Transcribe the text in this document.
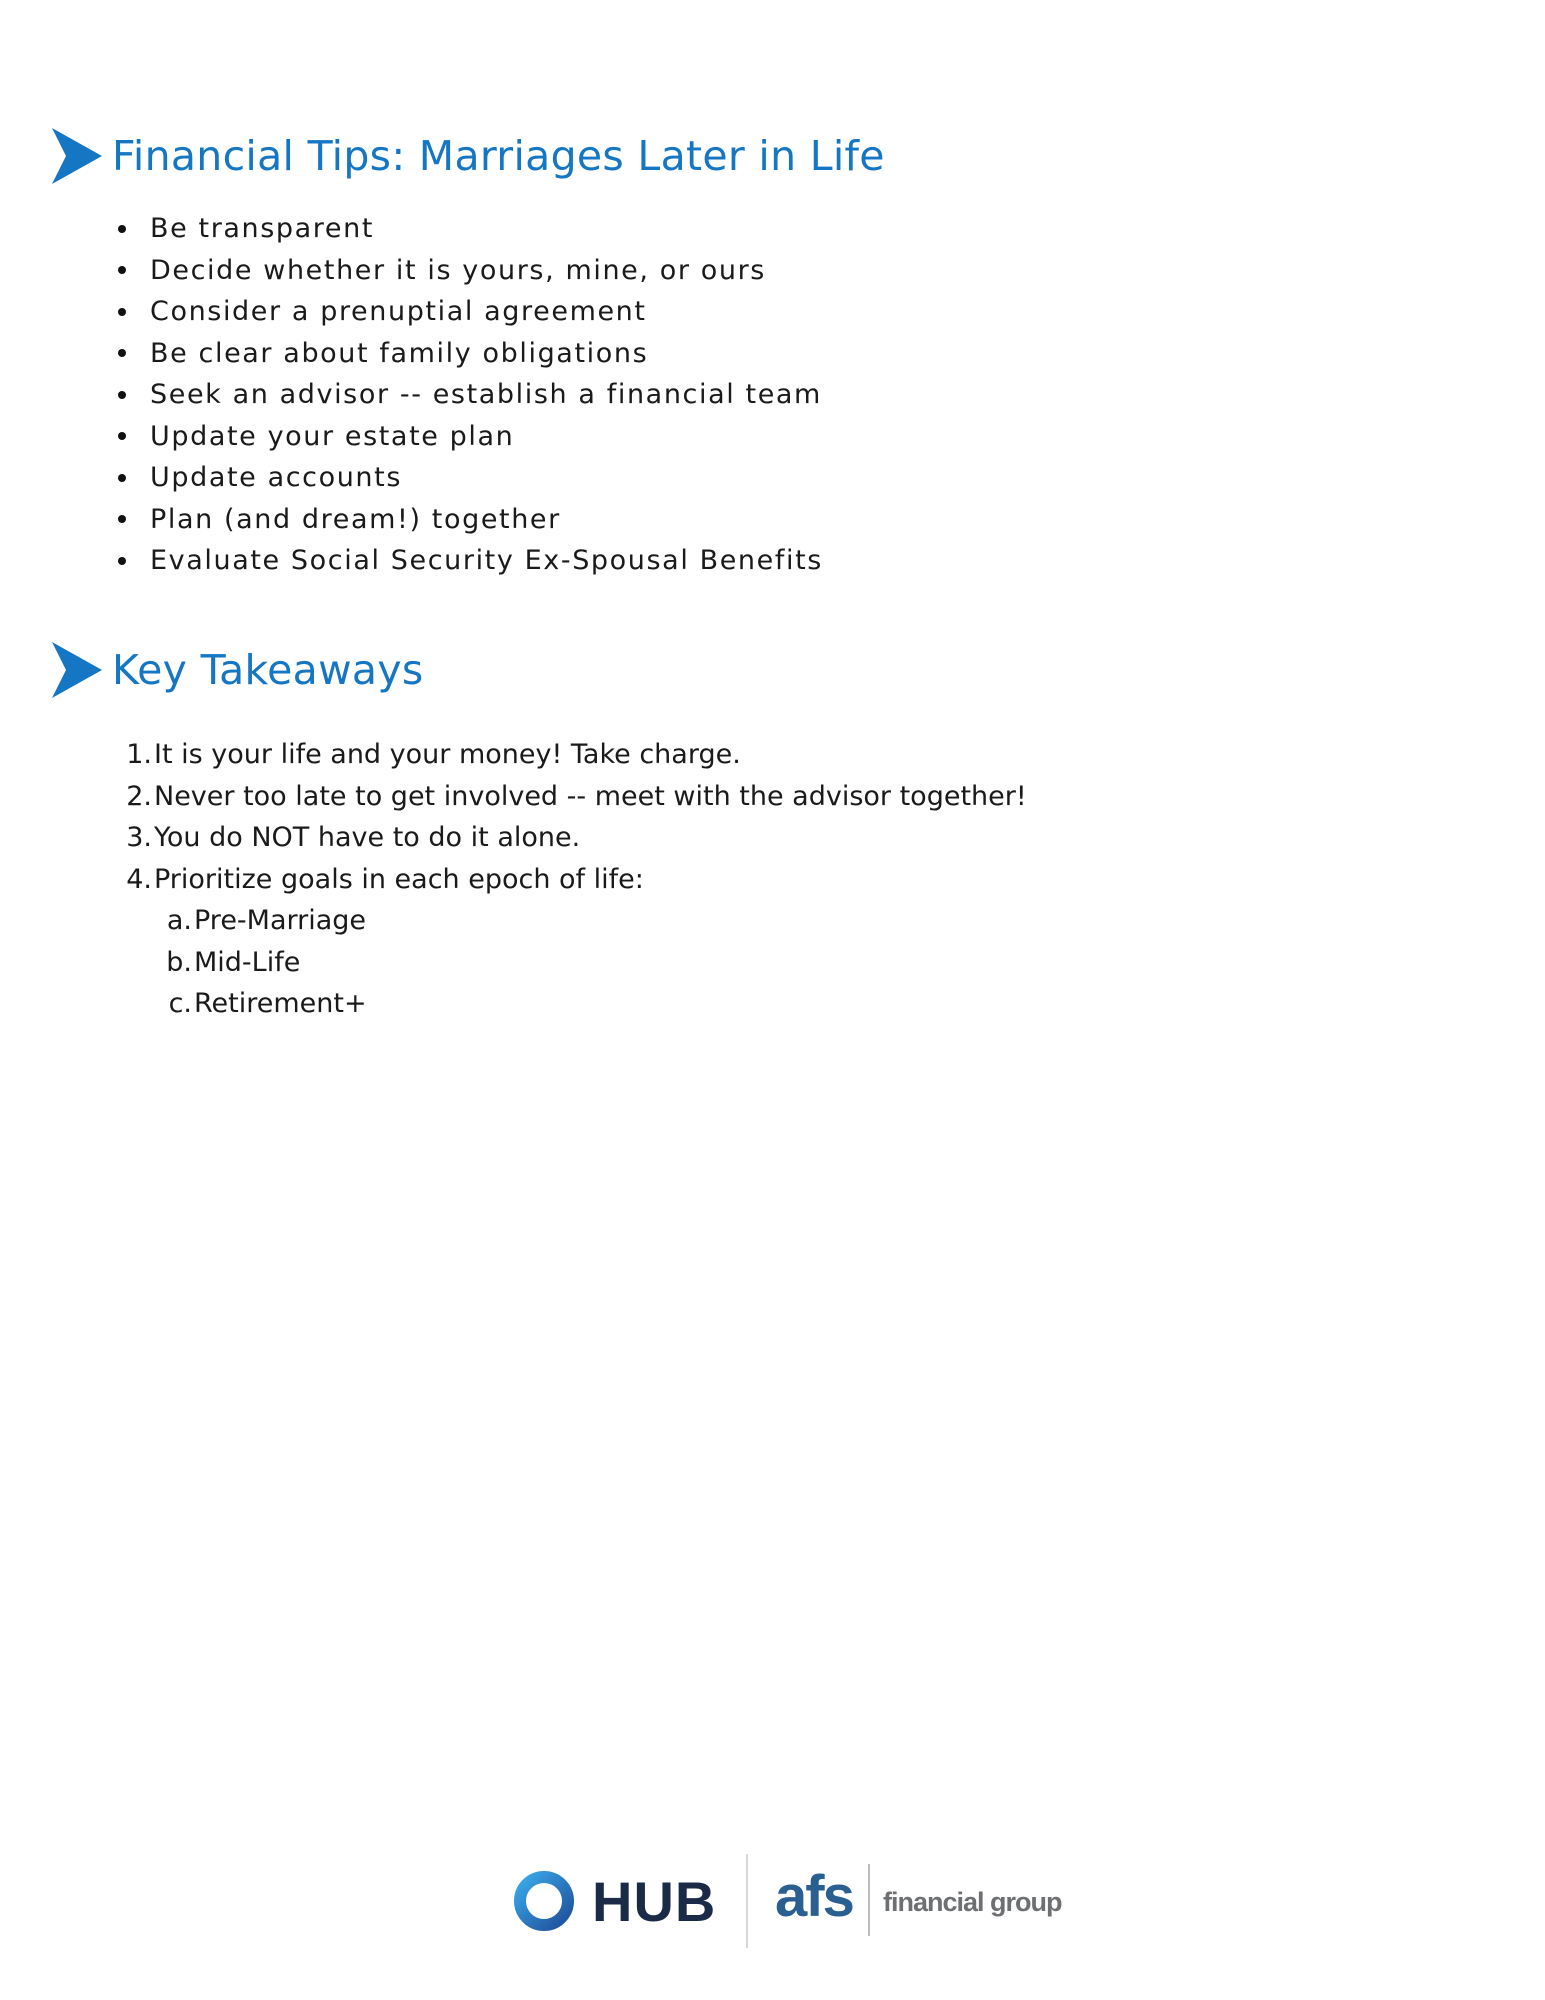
Financial Tips: Marriages Later in Life
Be transparent
Decide whether it is yours, mine, or ours
Consider a prenuptial agreement
Be clear about family obligations
Seek an advisor -- establish a financial team
Update your estate plan
Update accounts
Plan (and dream!) together
Evaluate Social Security Ex-Spousal Benefits
Key Takeaways
1.It is your life and your money! Take charge.
2.Never too late to get involved -- meet with the advisor together!
3.You do NOT have to do it alone.
4.Prioritize goals in each epoch of life:
a.Pre-Marriage
b.Mid-Life
c.Retirement+
HUB afs financial group
